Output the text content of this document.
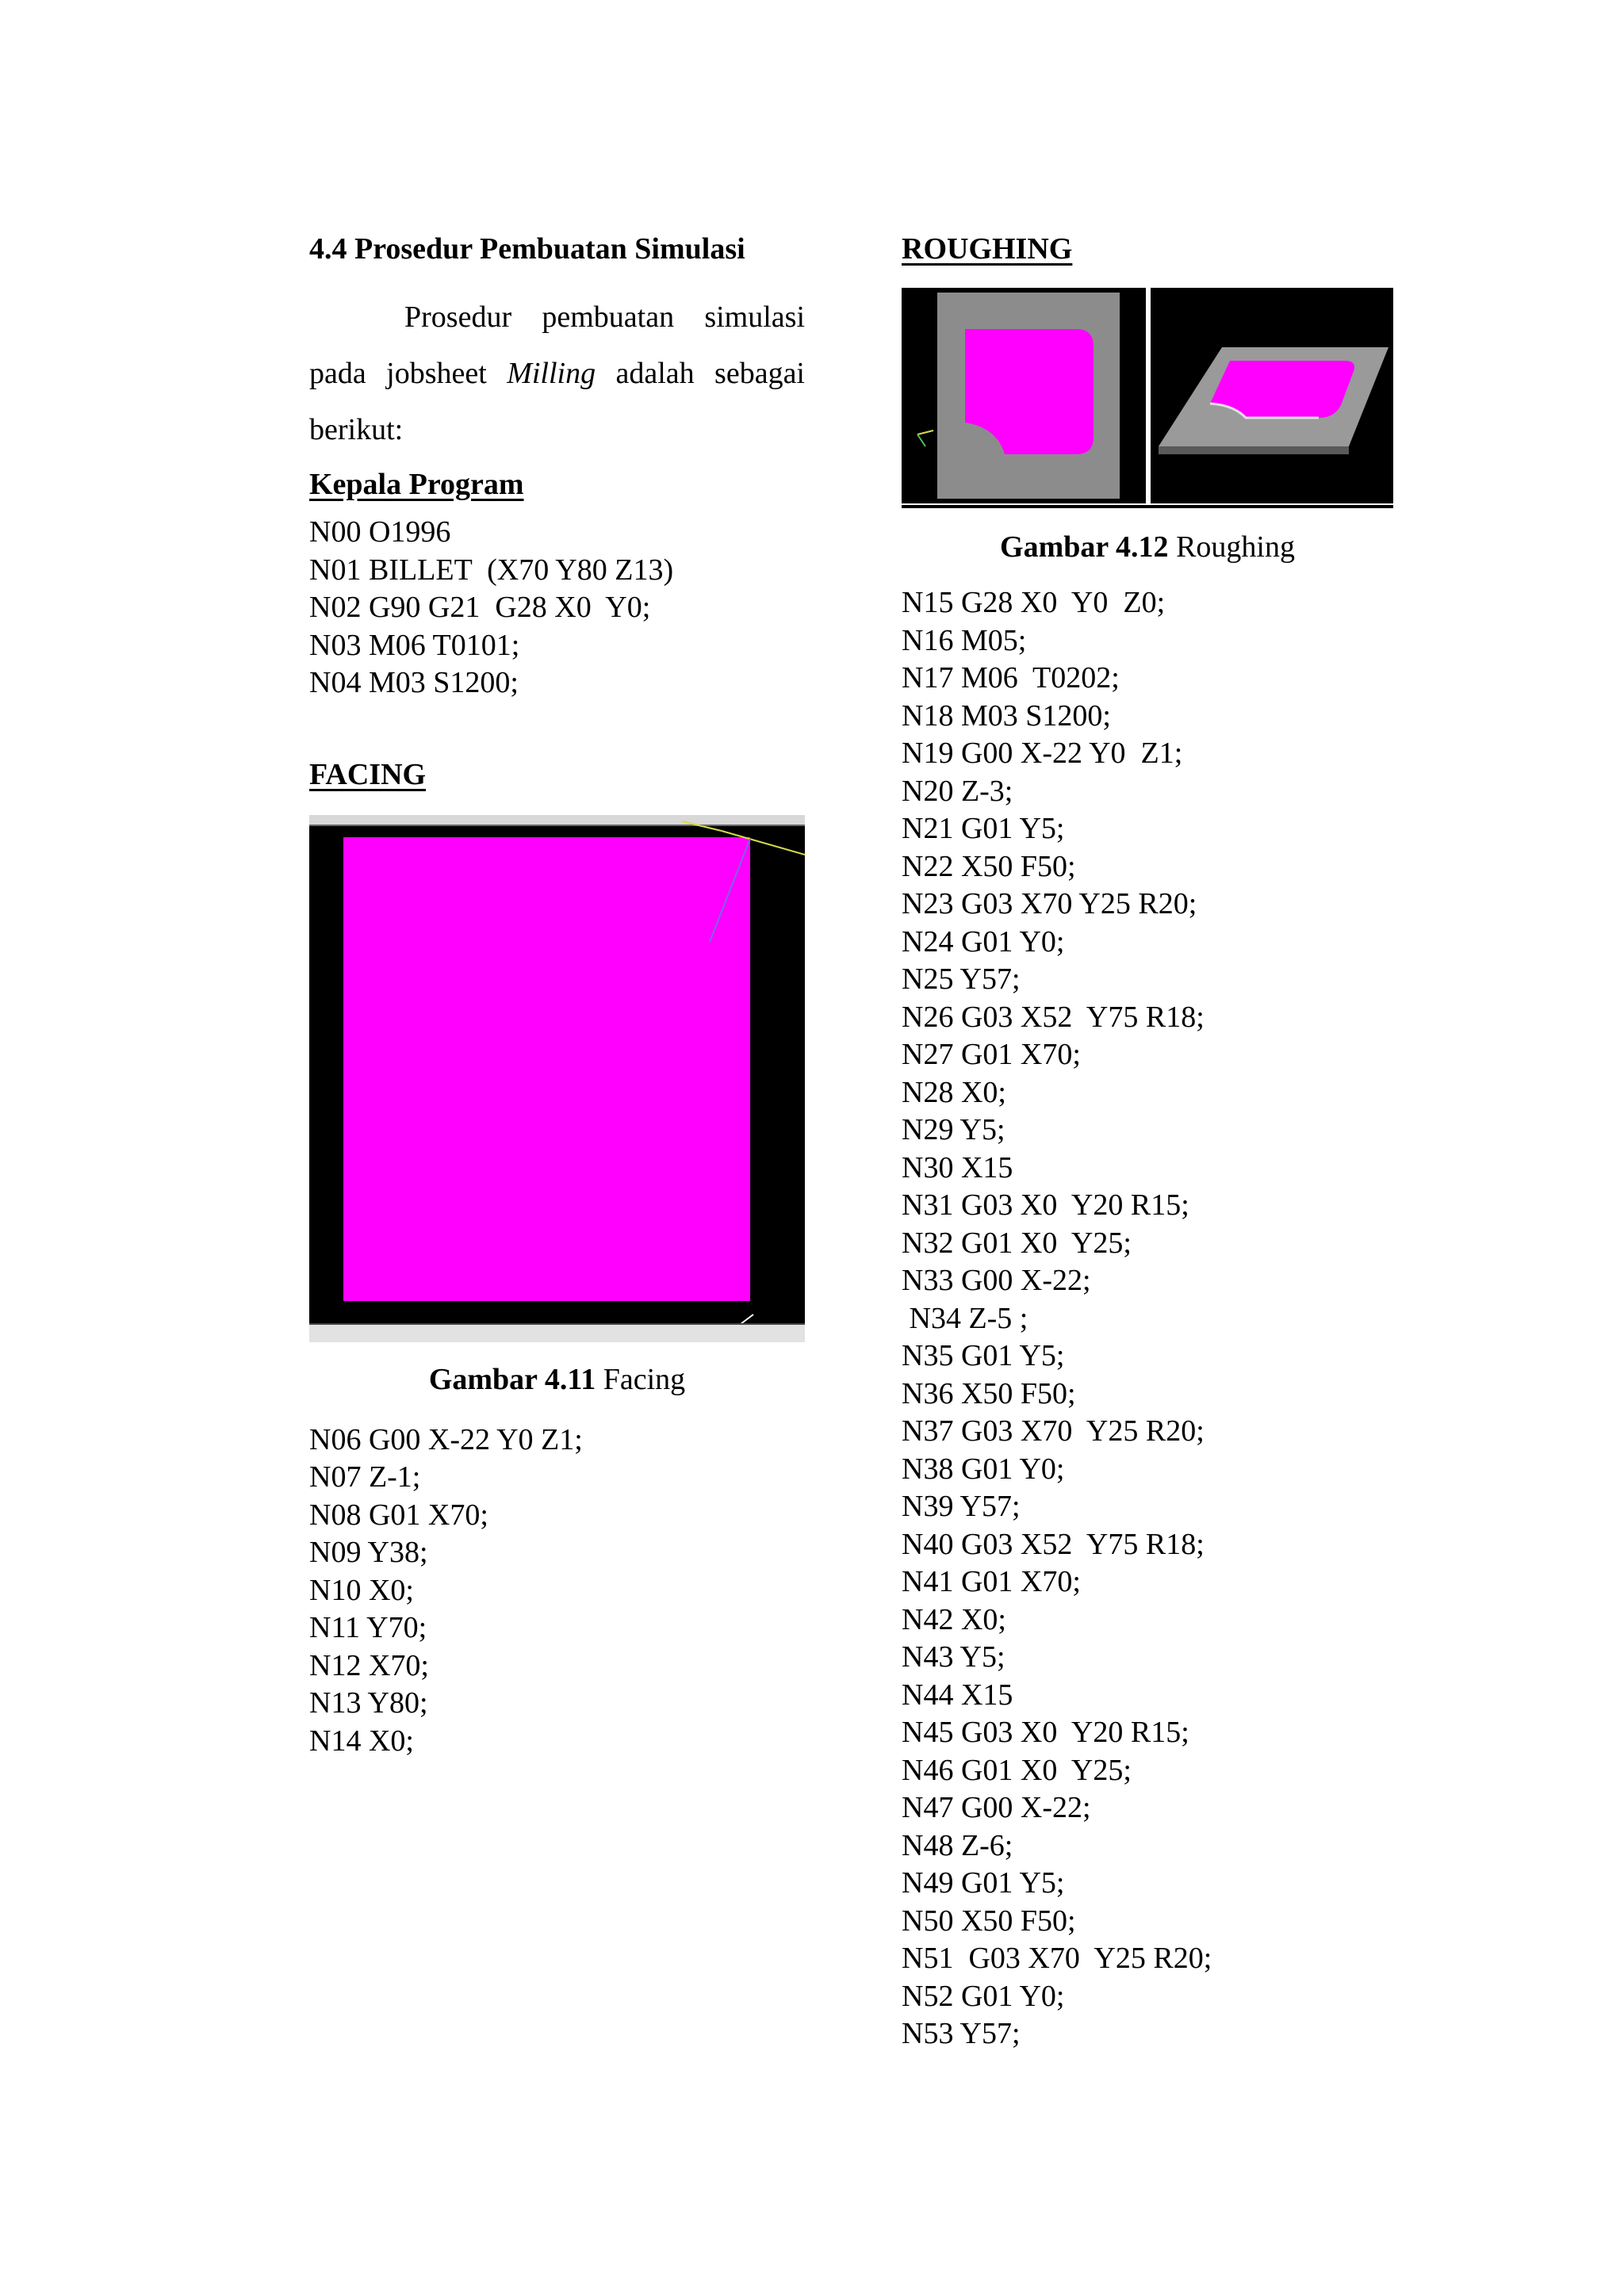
4.4 Prosedur Pembuatan Simulasi
Prosedur pembuatan simulasi pada jobsheet Milling adalah sebagai berikut:
Kepala Program
N00 O1996
N01 BILLET  (X70 Y80 Z13)
N02 G90 G21  G28 X0  Y0;
N03 M06 T0101;
N04 M03 S1200;
FACING
Gambar 4.11 Facing
N06 G00 X-22 Y0 Z1;
N07 Z-1;
N08 G01 X70;
N09 Y38;
N10 X0;
N11 Y70;
N12 X70;
N13 Y80;
N14 X0;
ROUGHING
Gambar 4.12 Roughing
N15 G28 X0  Y0  Z0;
N16 M05;
N17 M06  T0202;
N18 M03 S1200;
N19 G00 X-22 Y0  Z1;
N20 Z-3;
N21 G01 Y5;
N22 X50 F50;
N23 G03 X70 Y25 R20;
N24 G01 Y0;
N25 Y57;
N26 G03 X52  Y75 R18;
N27 G01 X70;
N28 X0;
N29 Y5;
N30 X15
N31 G03 X0  Y20 R15;
N32 G01 X0  Y25;
N33 G00 X-22;
N34 Z-5 ;
N35 G01 Y5;
N36 X50 F50;
N37 G03 X70  Y25 R20;
N38 G01 Y0;
N39 Y57;
N40 G03 X52  Y75 R18;
N41 G01 X70;
N42 X0;
N43 Y5;
N44 X15
N45 G03 X0  Y20 R15;
N46 G01 X0  Y25;
N47 G00 X-22;
N48 Z-6;
N49 G01 Y5;
N50 X50 F50;
N51  G03 X70  Y25 R20;
N52 G01 Y0;
N53 Y57;
